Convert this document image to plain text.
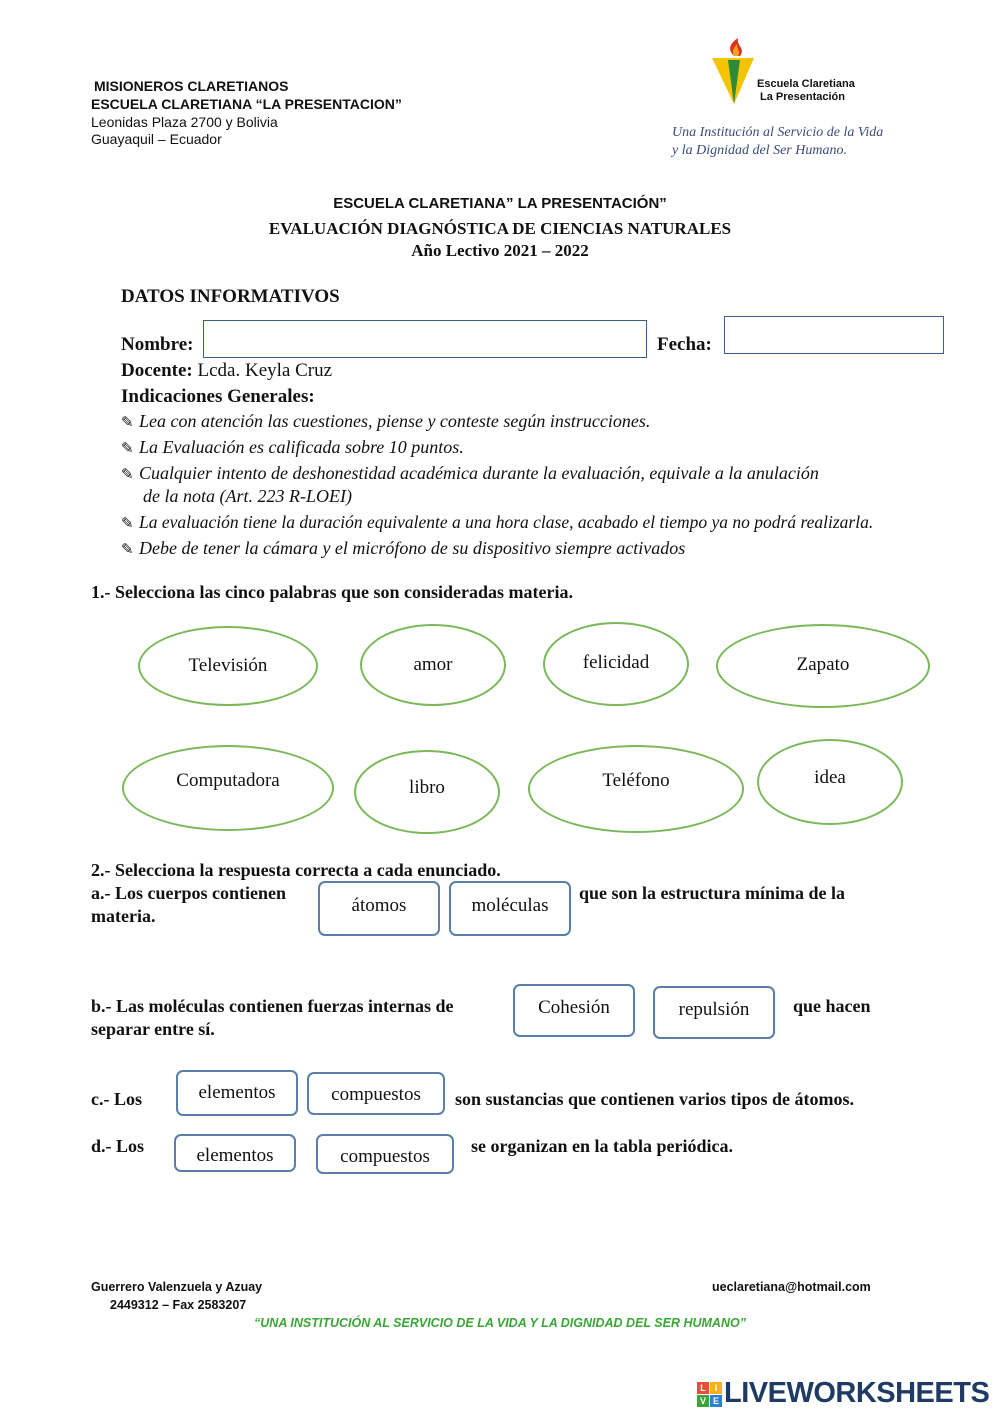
MISIONEROS CLARETIANOS
ESCUELA CLARETIANA “LA PRESENTACION”
Leonidas Plaza 2700 y Bolivia
Guayaquil – Ecuador
Escuela Claretiana
La Presentación
Una Institución al Servicio de la Vida
y la Dignidad del Ser Humano.
ESCUELA CLARETIANA” LA PRESENTACIÓN”
EVALUACIÓN DIAGNÓSTICA DE CIENCIAS NATURALES
Año Lectivo 2021 – 2022
DATOS INFORMATIVOS
Nombre:	Fecha:
Docente: Lcda. Keyla Cruz
Indicaciones Generales:
✎ Lea con atención las cuestiones, piense y conteste según instrucciones.
✎ La Evaluación es calificada sobre 10 puntos.
✎ Cualquier intento de deshonestidad académica durante la evaluación, equivale a la anulación
de la nota (Art. 223 R-LOEI)
✎ La evaluación tiene la duración equivalente a una hora clase, acabado el tiempo ya no podrá realizarla.
✎ Debe de tener la cámara y el micrófono de su dispositivo siempre activados
1.- Selecciona las cinco palabras que son consideradas materia.
Televisión	amor	felicidad	Zapato
Computadora	libro	Teléfono	idea
2.- Selecciona la respuesta correcta a cada enunciado.
a.- Los cuerpos contienen
átomos	moléculas
que son la estructura mínima de la
materia.
b.- Las moléculas contienen fuerzas internas de	Cohesión	repulsión	que hacen
separar entre sí.
c.- Los	elementos	compuestos	son sustancias que contienen varios tipos de átomos.
d.- Los	elementos	compuestos	se organizan en la tabla periódica.
Guerrero Valenzuela y Azuay
2449312 – Fax 2583207
ueclaretiana@hotmail.com
“UNA INSTITUCIÓN AL SERVICIO DE LA VIDA Y LA DIGNIDAD DEL SER HUMANO”
L I
V E LIVEWORKSHEETS
